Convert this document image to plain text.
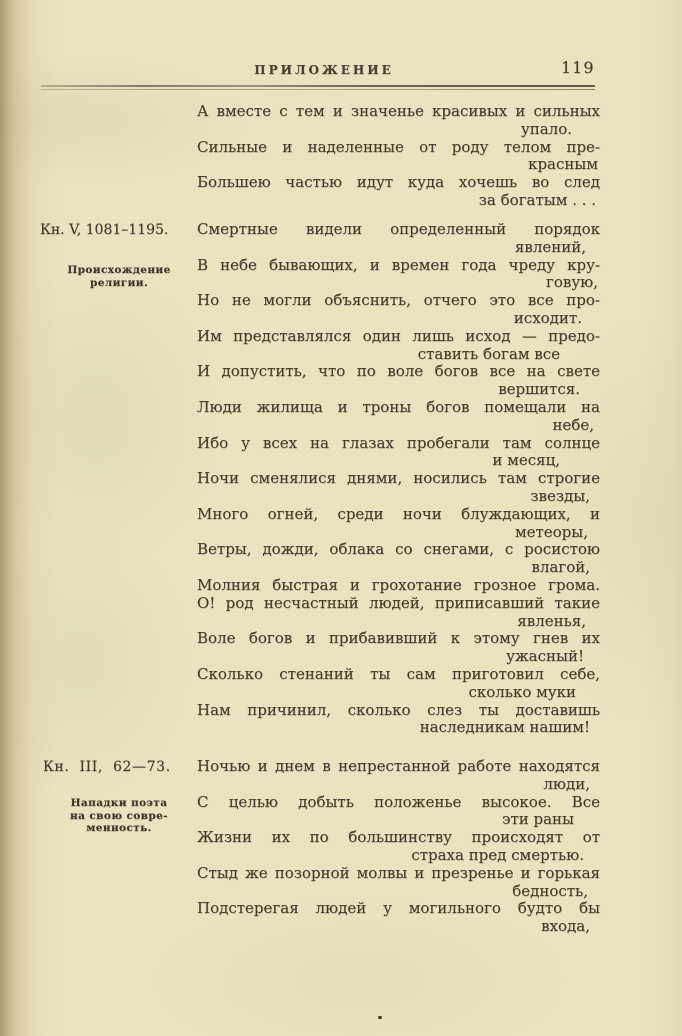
ПРИЛОЖЕНИЕ	119
А вместе с тем и значенье красивых и сильных
упало.
Сильные и наделенные от роду телом пре-
красным
Большею частью идут куда хочешь во след
за богатым . . .
Кн. V, 1081–1195.
Происхождение
религии.
Смертные видели определенный порядок
явлений,
В небе бывающих, и времен года чреду кру-
говую,
Но не могли объяснить, отчего это все про-
исходит.
Им представлялся один лишь исход — предо-
ставить богам все
И допустить, что по воле богов все на свете
вершится.
Люди жилища и троны богов помещали на
небе,
Ибо у всех на глазах пробегали там солнце
и месяц,
Ночи сменялися днями, носились там строгие
звезды,
Много огней, среди ночи блуждающих, и
метеоры,
Ветры, дожди, облака со снегами, с росистою
влагой,
Молния быстрая и грохотание грозное грома.
О! род несчастный людей, приписавший такие
явленья,
Воле богов и прибавивший к этому гнев их
ужасный!
Сколько стенаний ты сам приготовил себе,
сколько муки
Нам причинил, сколько слез ты доставишь
наследникам нашим!
Кн. III, 62—73.
Нападки поэта
на свою совре-
менность.
Ночью и днем в непрестанной работе находятся
люди,
С целью добыть положенье высокое. Все
эти раны
Жизни их по большинству происходят от
страха пред смертью.
Стыд же позорной молвы и презренье и горькая
бедность,
Подстерегая людей у могильного будто бы
входа,
